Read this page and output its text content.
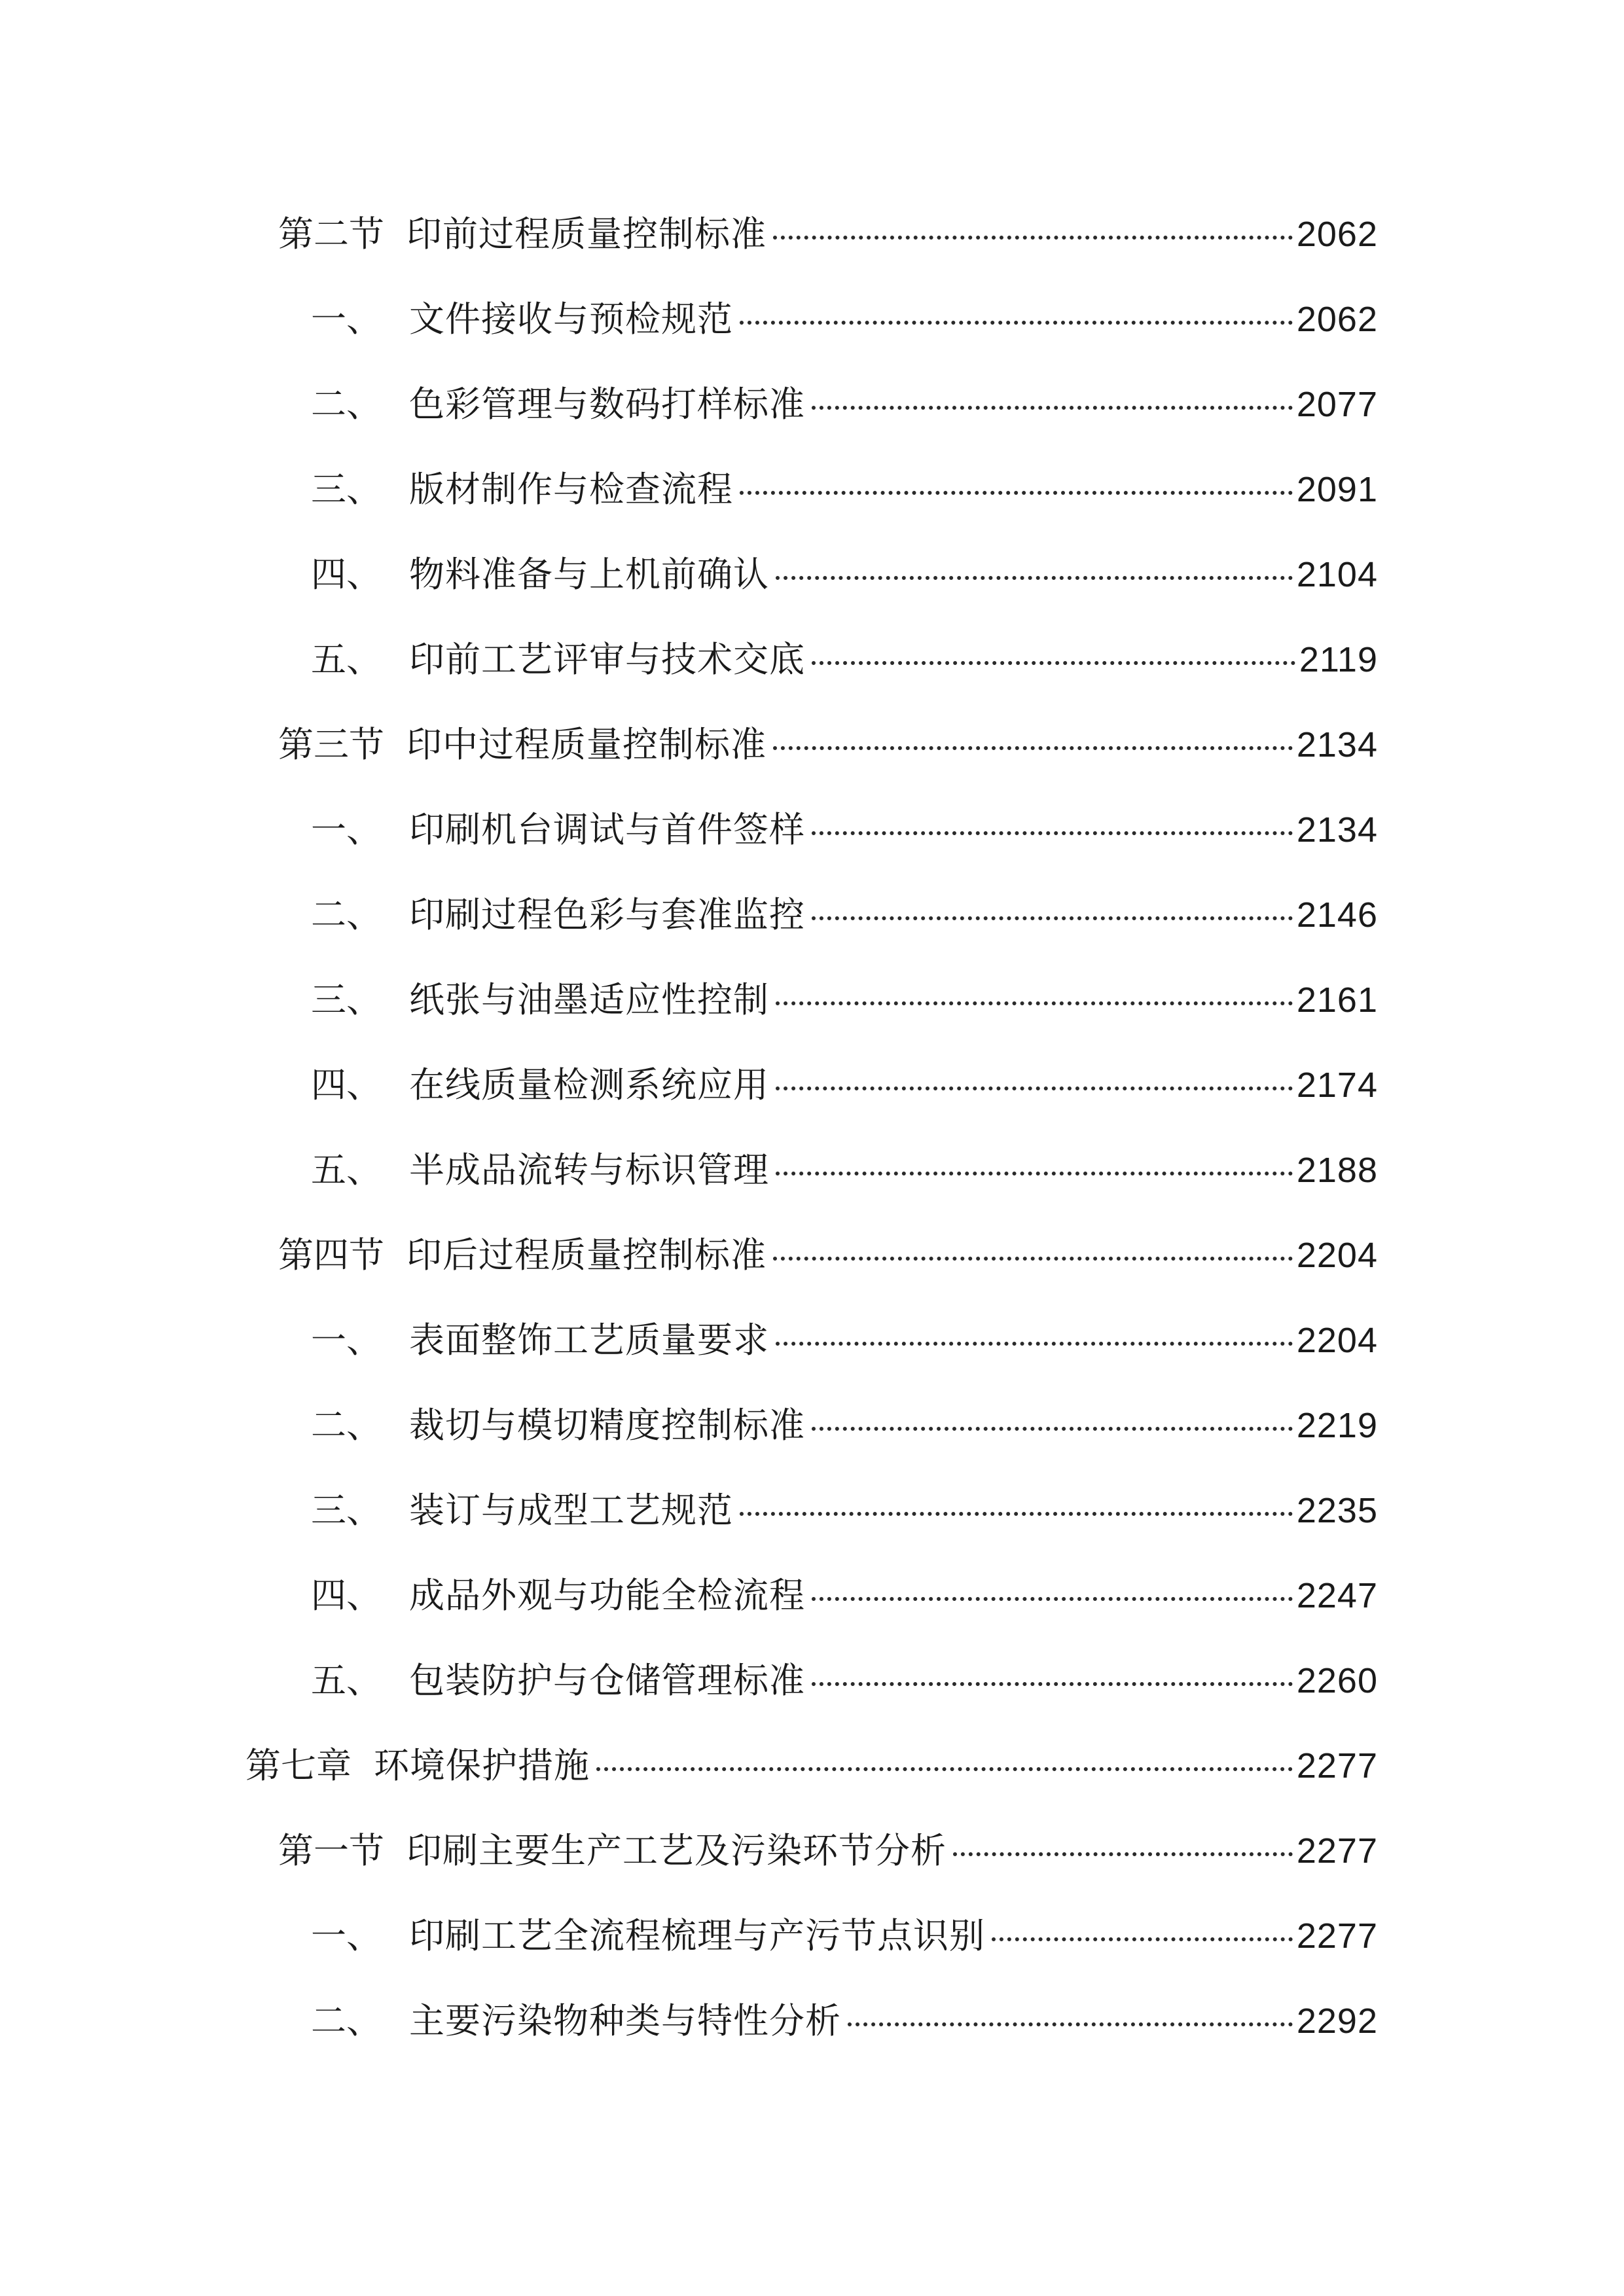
第二节 印前过程质量控制标准	2062
一、 文件接收与预检规范	2062
二、 色彩管理与数码打样标准	2077
三、 版材制作与检查流程	2091
四、 物料准备与上机前确认	2104
五、 印前工艺评审与技术交底	2119
第三节 印中过程质量控制标准	2134
一、 印刷机台调试与首件签样	2134
二、 印刷过程色彩与套准监控	2146
三、 纸张与油墨适应性控制	2161
四、 在线质量检测系统应用	2174
五、 半成品流转与标识管理	2188
第四节 印后过程质量控制标准	2204
一、 表面整饰工艺质量要求	2204
二、 裁切与模切精度控制标准	2219
三、 装订与成型工艺规范	2235
四、 成品外观与功能全检流程	2247
五、 包装防护与仓储管理标准	2260
第七章 环境保护措施	2277
第一节 印刷主要生产工艺及污染环节分析	2277
一、 印刷工艺全流程梳理与产污节点识别	2277
二、 主要污染物种类与特性分析	2292
